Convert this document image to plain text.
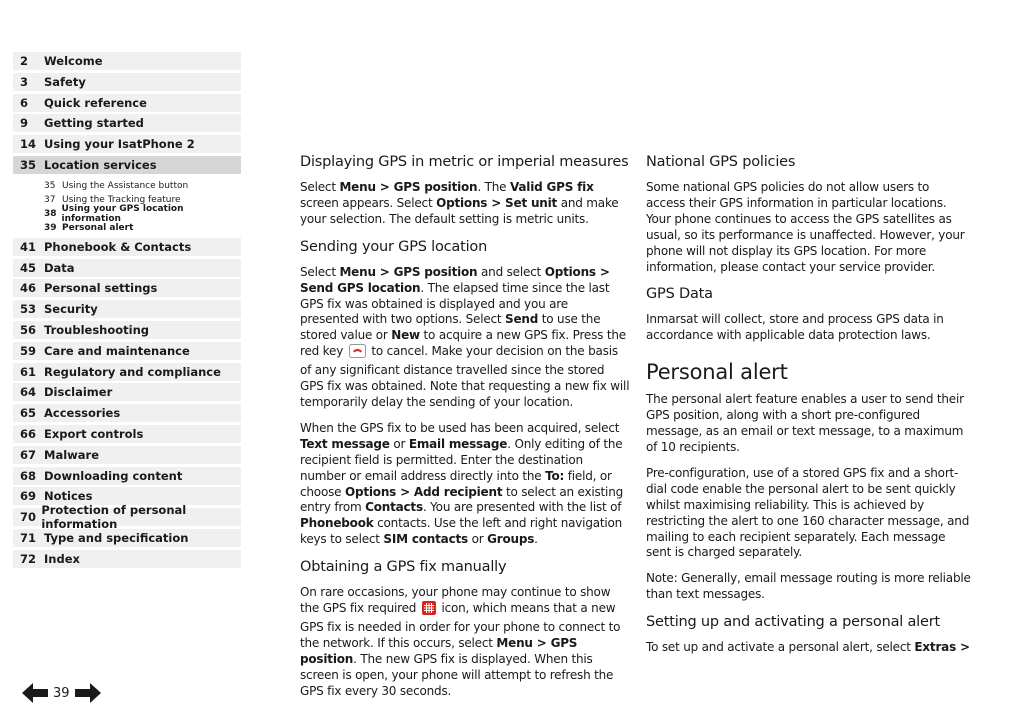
2	Welcome
3	Safety
6	Quick reference
9	Getting started
14 Using your IsatPhone 2
35 Location services
35 Using the Assistance button
37 Using the Tracking feature
38 Using your GPS location information
39 Personal alert
41 Phonebook & Contacts
45 Data
46 Personal settings
53 Security
56 Troubleshooting
59 Care and maintenance
61 Regulatory and compliance
64 Disclaimer
65 Accessories
66 Export controls
67 Malware
68 Downloading content
69 Notices
70 Protection of personal information
71 Type and specification
72 Index
39
Displaying GPS in metric or imperial measures

Select Menu > GPS position. The Valid GPS fix screen appears. Select Options > Set unit and make your selection. The default setting is metric units.

Sending your GPS location

Select Menu > GPS position and select Options > Send GPS location. The elapsed time since the last GPS fix was obtained is displayed and you are presented with two options. Select Send to use the stored value or New to acquire a new GPS fix. Press the red key  to cancel. Make your decision on the basis of any significant distance travelled since the stored GPS fix was obtained. Note that requesting a new fix will temporarily delay the sending of your location.

When the GPS fix to be used has been acquired, select Text message or Email message. Only editing of the recipient field is permitted. Enter the destination number or email address directly into the To: field, or choose Options > Add recipient to select an existing entry from Contacts. You are presented with the list of Phonebook contacts. Use the left and right navigation keys to select SIM contacts or Groups.

Obtaining a GPS fix manually

On rare occasions, your phone may continue to show the GPS fix required  icon, which means that a new GPS fix is needed in order for your phone to connect to the network. If this occurs, select Menu > GPS position. The new GPS fix is displayed. When this screen is open, your phone will attempt to refresh the GPS fix every 30 seconds.

National GPS policies

Some national GPS policies do not allow users to access their GPS information in particular locations. Your phone continues to access the GPS satellites as usual, so its performance is unaffected. However, your phone will not display its GPS location. For more information, please contact your service provider.

GPS Data

Inmarsat will collect, store and process GPS data in accordance with applicable data protection laws.

Personal alert

The personal alert feature enables a user to send their GPS position, along with a short pre-configured message, as an email or text message, to a maximum of 10 recipients.

Pre-configuration, use of a stored GPS fix and a short-dial code enable the personal alert to be sent quickly whilst maximising reliability. This is achieved by restricting the alert to one 160 character message, and mailing to each recipient separately. Each message sent is charged separately.

Note: Generally, email message routing is more reliable than text messages.

Setting up and activating a personal alert

To set up and activate a personal alert, select Extras >
